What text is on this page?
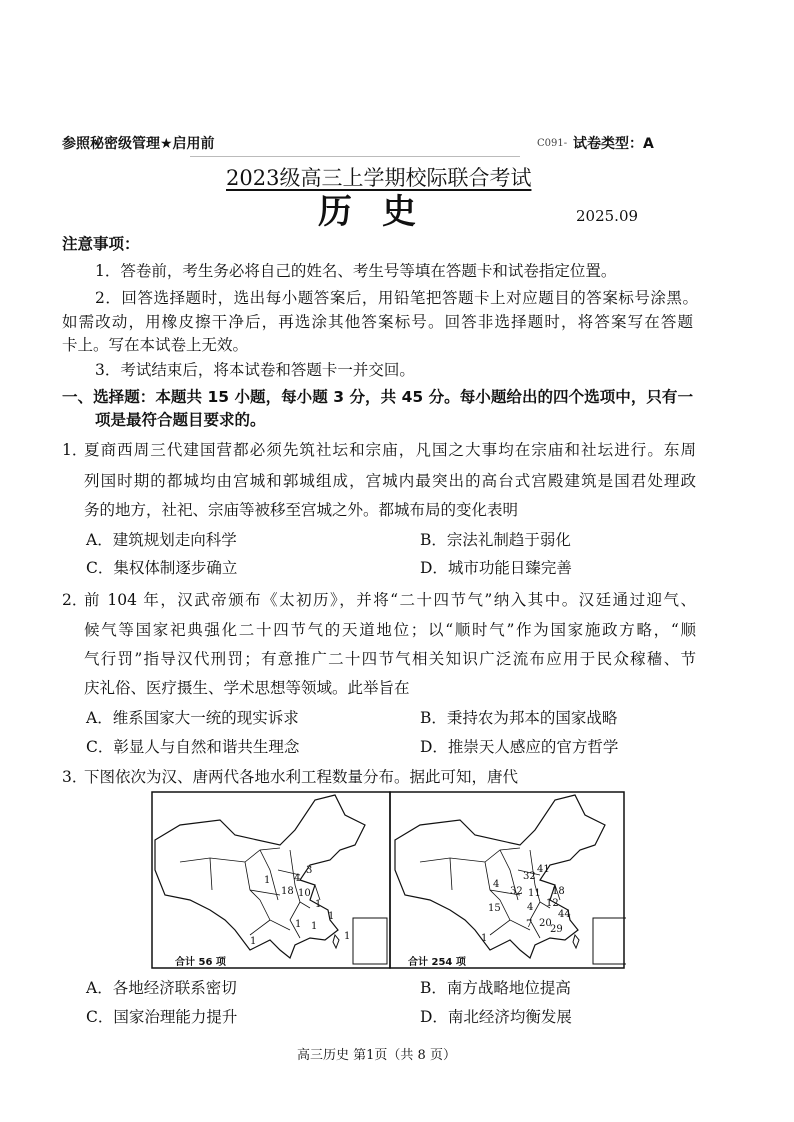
参照秘密级管理★启用前	C091- 试卷类型：A
2023级高三上学期校际联合考试
历史	2025.09
注意事项：
1．答卷前，考生务必将自己的姓名、考生号等填在答题卡和试卷指定位置。
2．回答选择题时，选出每小题答案后，用铅笔把答题卡上对应题目的答案标号涂黑。
如需改动，用橡皮擦干净后，再选涂其他答案标号。回答非选择题时，将答案写在答题
卡上。写在本试卷上无效。
3．考试结束后，将本试卷和答题卡一并交回。
一、选择题：本题共 15 小题，每小题 3 分，共 45 分。每小题给出的四个选项中，只有一
项是最符合题目要求的。
1．
夏商西周三代建国营都必须先筑社坛和宗庙，凡国之大事均在宗庙和社坛进行。东周
列国时期的都城均由宫城和郭城组成，宫城内最突出的高台式宫殿建筑是国君处理政
务的地方，社祀、宗庙等被移至宫城之外。都城布局的变化表明
A．建筑规划走向科学	B．宗法礼制趋于弱化
C．集权体制逐步确立	D．城市功能日臻完善
2．
前 104 年，汉武帝颁布《太初历》，并将“二十四节气”纳入其中。汉廷通过迎气、
候气等国家祀典强化二十四节气的天道地位；以“顺时气”作为国家施政方略，“顺
气行罚”指导汉代刑罚；有意推广二十四节气相关知识广泛流布应用于民众稼穑、节
庆礼俗、医疗摄生、学术思想等领域。此举旨在
A．维系国家大一统的现实诉求	B．秉持农为邦本的国家战略
C．彰显人与自然和谐共生理念	D．推崇天人感应的官方哲学
3．
下图依次为汉、唐两代各地水利工程数量分布。据此可知，唐代
1
3
4
18 10
1
1
1 1
1
1
合计 56 项
4
32
41
32 11 18
15	4 12
44
7 20
29
1
合计 254 项
A．各地经济联系密切	B．南方战略地位提高
C．国家治理能力提升	D．南北经济均衡发展
高三历史 第1页（共 8 页）
